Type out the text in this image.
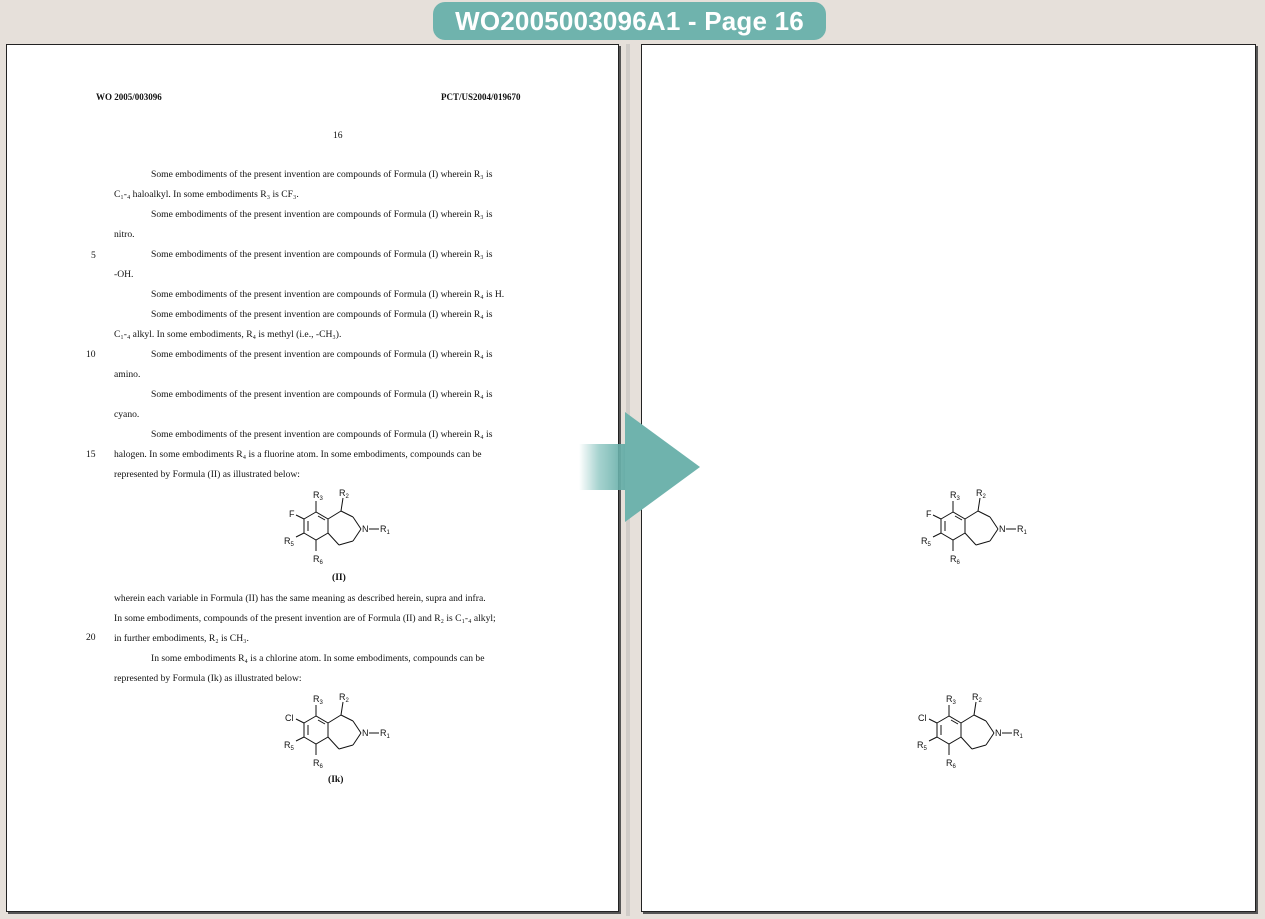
WO2005003096A1 - Page 16
WO 2005/003096	PCT/US2004/019670
16
5
10
15
20
Some embodiments of the present invention are compounds of Formula (I) wherein R₃ is
C₁-₄ haloalkyl. In some embodiments R₃ is CF₃.
Some embodiments of the present invention are compounds of Formula (I) wherein R₃ is
nitro.
Some embodiments of the present invention are compounds of Formula (I) wherein R₃ is
-OH.
Some embodiments of the present invention are compounds of Formula (I) wherein R₄ is H.
Some embodiments of the present invention are compounds of Formula (I) wherein R₄ is
C₁-₄ alkyl. In some embodiments, R₄ is methyl (i.e., -CH₃).
Some embodiments of the present invention are compounds of Formula (I) wherein R₄ is
amino.
Some embodiments of the present invention are compounds of Formula (I) wherein R₄ is
cyano.
Some embodiments of the present invention are compounds of Formula (I) wherein R₄ is
halogen. In some embodiments R₄ is a fluorine atom. In some embodiments, compounds can be
represented by Formula (II) as illustrated below:
F
$R_3$
$R_2$
N $R_1$
$R_5$
$R_6$
(II)
wherein each variable in Formula (II) has the same meaning as described herein, supra and infra.
In some embodiments, compounds of the present invention are of Formula (II) and R₂ is C₁-₄ alkyl;
in further embodiments, R₂ is CH₃.
In some embodiments R₄ is a chlorine atom. In some embodiments, compounds can be
represented by Formula (Ik) as illustrated below:
Cl
$R_3$
$R_2$
N $R_1$
$R_5$
$R_6$
(Ik)
F
$R_3$
$R_2$
N $R_1$
$R_5$
$R_6$
Cl
$R_3$
$R_2$
N $R_1$
$R_5$
$R_6$
